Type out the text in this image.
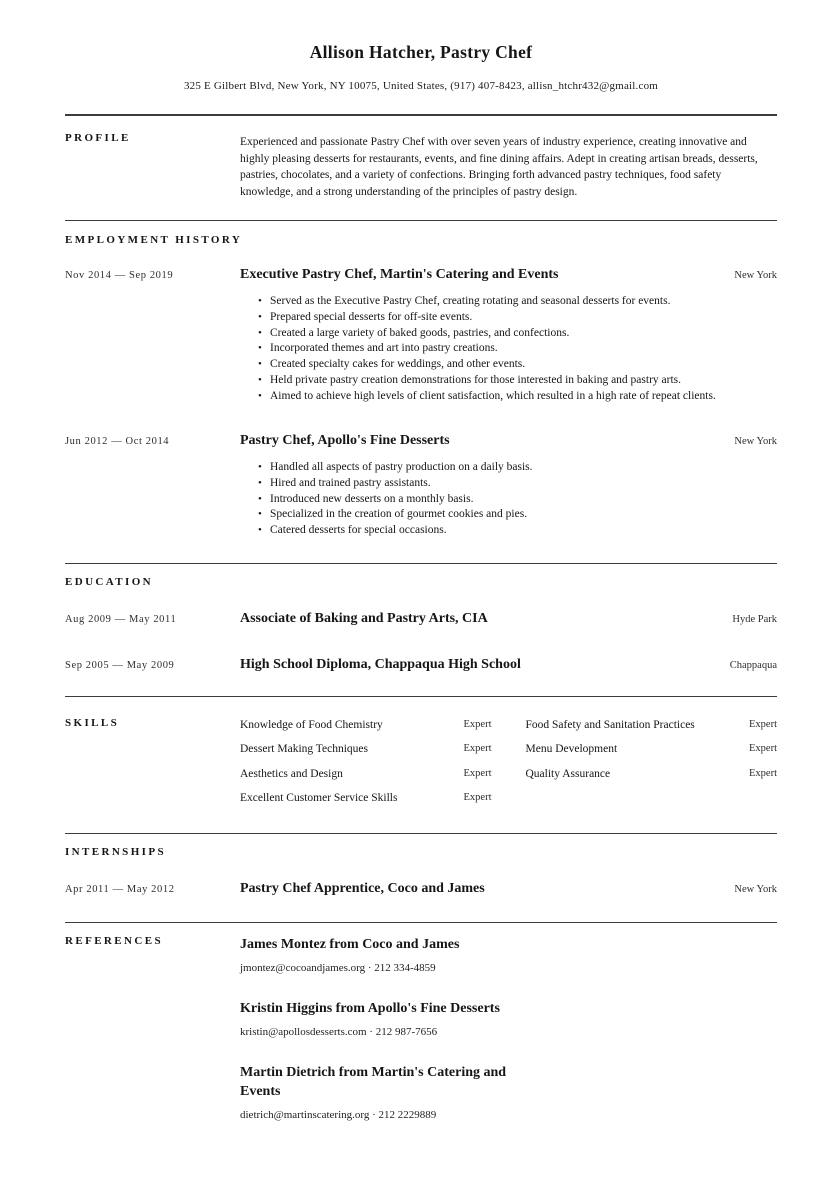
Allison Hatcher, Pastry Chef

325 E Gilbert Blvd, New York, NY 10075, United States, (917) 407-8423, allisn_htchr432@gmail.com

PROFILE	Experienced and passionate Pastry Chef with over seven years of industry experience, creating innovative and highly pleasing desserts for restaurants, events, and fine dining affairs. Adept in creating artisan breads, desserts, pastries, chocolates, and a variety of confections. Bringing forth advanced pastry techniques, food safety knowledge, and a strong understanding of the principles of pastry design.

EMPLOYMENT HISTORY
Nov 2014 — Sep 2019	Executive Pastry Chef, Martin's Catering and Events	New York
• Served as the Executive Pastry Chef, creating rotating and seasonal desserts for events.
• Prepared special desserts for off-site events.
• Created a large variety of baked goods, pastries, and confections.
• Incorporated themes and art into pastry creations.
• Created specialty cakes for weddings, and other events.
• Held private pastry creation demonstrations for those interested in baking and pastry arts.
• Aimed to achieve high levels of client satisfaction, which resulted in a high rate of repeat clients.
Jun 2012 — Oct 2014	Pastry Chef, Apollo's Fine Desserts	New York
• Handled all aspects of pastry production on a daily basis.
• Hired and trained pastry assistants.
• Introduced new desserts on a monthly basis.
• Specialized in the creation of gourmet cookies and pies.
• Catered desserts for special occasions.
EDUCATION
Aug 2009 — May 2011	Associate of Baking and Pastry Arts, CIA	Hyde Park
Sep 2005 — May 2009	High School Diploma, Chappaqua High School	Chappaqua
SKILLS	Knowledge of Food Chemistry	Expert
Dessert Making Techniques	Expert
Aesthetics and Design	Expert
Excellent Customer Service Skills	Expert
Food Safety and Sanitation Practices	Expert
Menu Development	Expert
Quality Assurance	Expert
INTERNSHIPS
Apr 2011 — May 2012	Pastry Chef Apprentice, Coco and James	New York
REFERENCES	James Montez from Coco and James

jmontez@cocoandjames.org · 212 334-4859

Kristin Higgins from Apollo's Fine Desserts

kristin@apollosdesserts.com · 212 987-7656

Martin Dietrich from Martin's Catering and Events

dietrich@martinscatering.org · 212 2229889
